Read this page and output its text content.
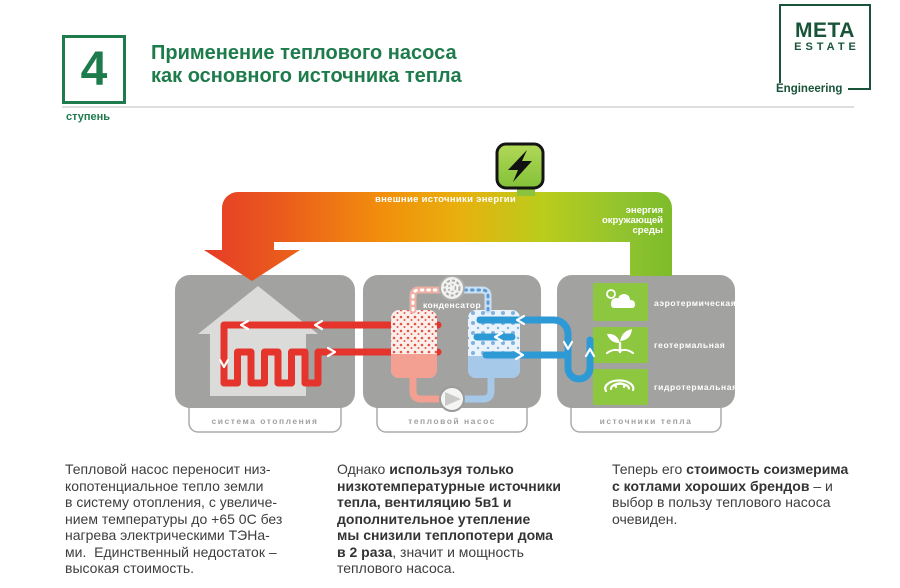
4
ступень
Применение теплового насоса
как основного источника тепла
META
ESTATE
Engineering
внешние источники энергии
энергия
окружающей
среды
конденсатор	аэротермическая
геотермальная
гидротермальная
система отопления	тепловой насос	источники тепла
Тепловой насос переносит низ-
копотенциальное тепло земли
в систему отопления, с увеличе-
нием температуры до +65 0С без
нагрева электрическими ТЭНа-
ми.  Единственный недостаток –
высокая стоимость.
Однако используя только
низкотемпературные источники
тепла, вентиляцию 5в1 и
дополнительное утепление
мы снизили теплопотери дома
в 2 раза, значит и мощность
теплового насоса.
Теперь его стоимость соизмерима
с котлами хороших брендов – и
выбор в пользу теплового насоса
очевиден.
